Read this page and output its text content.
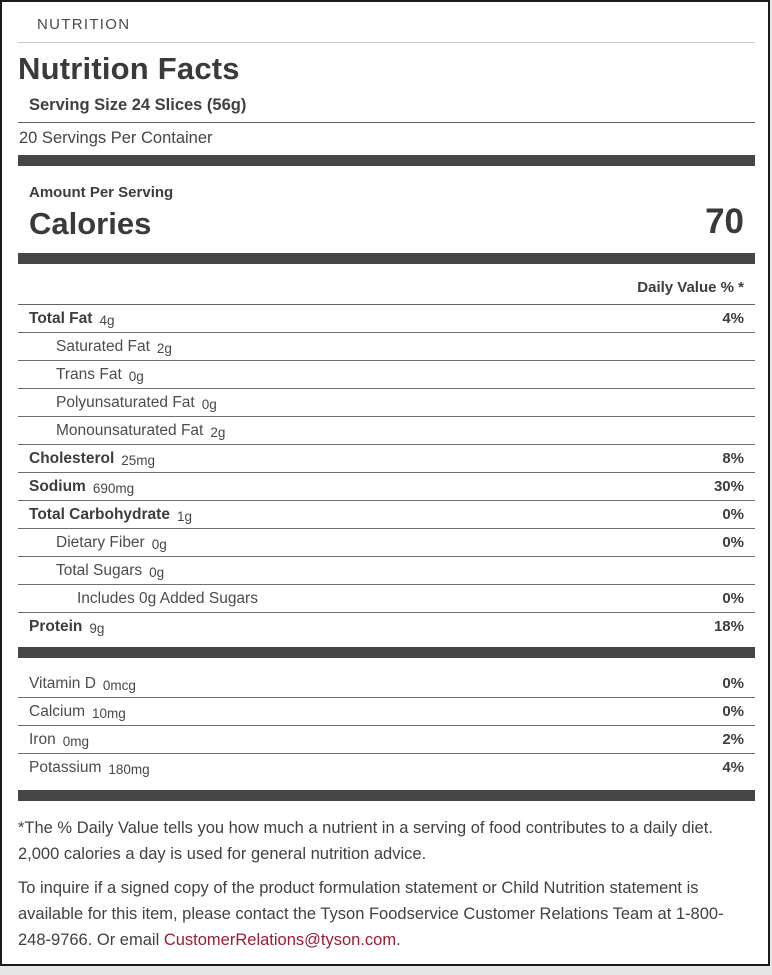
NUTRITION
Nutrition Facts
Serving Size 24 Slices (56g)
20 Servings Per Container
Amount Per Serving
Calories	70
Daily Value % *
Total Fat 4g	4%
Saturated Fat 2g
Trans Fat 0g
Polyunsaturated Fat 0g
Monounsaturated Fat 2g
Cholesterol 25mg	8%
Sodium 690mg	30%
Total Carbohydrate 1g	0%
Dietary Fiber 0g	0%
Total Sugars 0g
Includes 0g Added Sugars	0%
Protein 9g	18%
Vitamin D 0mcg	0%
Calcium 10mg	0%
Iron 0mg	2%
Potassium 180mg	4%

*The % Daily Value tells you how much a nutrient in a serving of food contributes to a daily diet. 2,000 calories a day is used for general nutrition advice.

To inquire if a signed copy of the product formulation statement or Child Nutrition statement is available for this item, please contact the Tyson Foodservice Customer Relations Team at 1-800-248-9766. Or email CustomerRelations@tyson.com.
